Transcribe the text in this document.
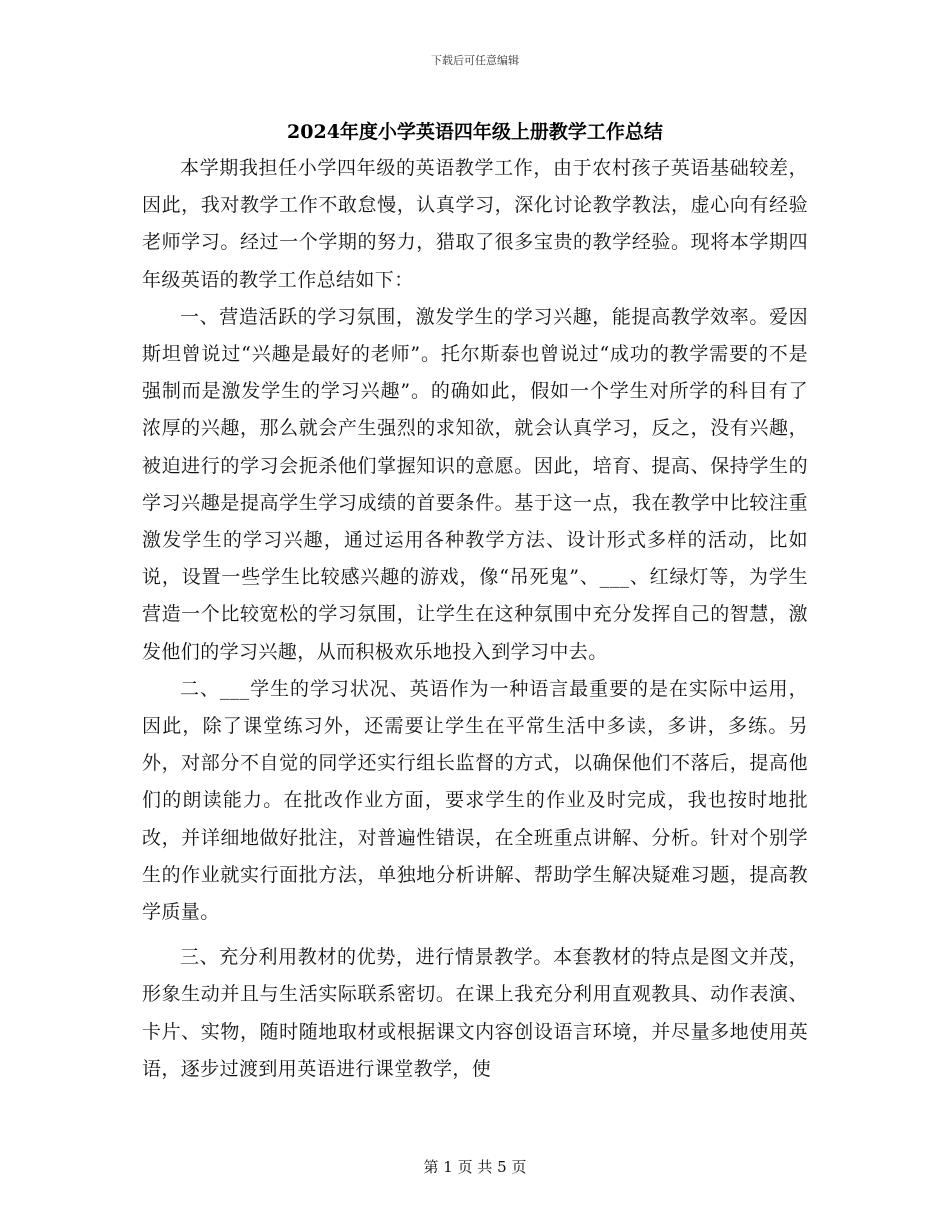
下载后可任意编辑
2024年度小学英语四年级上册教学工作总结

本学期我担任小学四年级的英语教学工作，由于农村孩子英语基础较差，因此，我对教学工作不敢怠慢，认真学习，深化讨论教学教法，虚心向有经验老师学习。经过一个学期的努力，猎取了很多宝贵的教学经验。现将本学期四年级英语的教学工作总结如下：

一、营造活跃的学习氛围，激发学生的学习兴趣，能提高教学效率。爱因斯坦曾说过“兴趣是最好的老师”。托尔斯泰也曾说过“成功的教学需要的不是强制而是激发学生的学习兴趣”。的确如此，假如一个学生对所学的科目有了浓厚的兴趣，那么就会产生强烈的求知欲，就会认真学习，反之，没有兴趣，被迫进行的学习会扼杀他们掌握知识的意愿。因此，培育、提高、保持学生的学习兴趣是提高学生学习成绩的首要条件。基于这一点，我在教学中比较注重激发学生的学习兴趣，通过运用各种教学方法、设计形式多样的活动，比如说，设置一些学生比较感兴趣的游戏，像“吊死鬼”、___、红绿灯等，为学生营造一个比较宽松的学习氛围，让学生在这种氛围中充分发挥自己的智慧，激发他们的学习兴趣，从而积极欢乐地投入到学习中去。

二、___学生的学习状况、英语作为一种语言最重要的是在实际中运用，因此，除了课堂练习外，还需要让学生在平常生活中多读，多讲，多练。另外，对部分不自觉的同学还实行组长监督的方式，以确保他们不落后，提高他们的朗读能力。在批改作业方面，要求学生的作业及时完成，我也按时地批改，并详细地做好批注，对普遍性错误，在全班重点讲解、分析。针对个别学生的作业就实行面批方法，单独地分析讲解、帮助学生解决疑难习题，提高教学质量。

三、充分利用教材的优势，进行情景教学。本套教材的特点是图文并茂，形象生动并且与生活实际联系密切。在课上我充分利用直观教具、动作表演、卡片、实物，随时随地取材或根据课文内容创设语言环境，并尽量多地使用英语，逐步过渡到用英语进行课堂教学，使

第 1 页 共 5 页
